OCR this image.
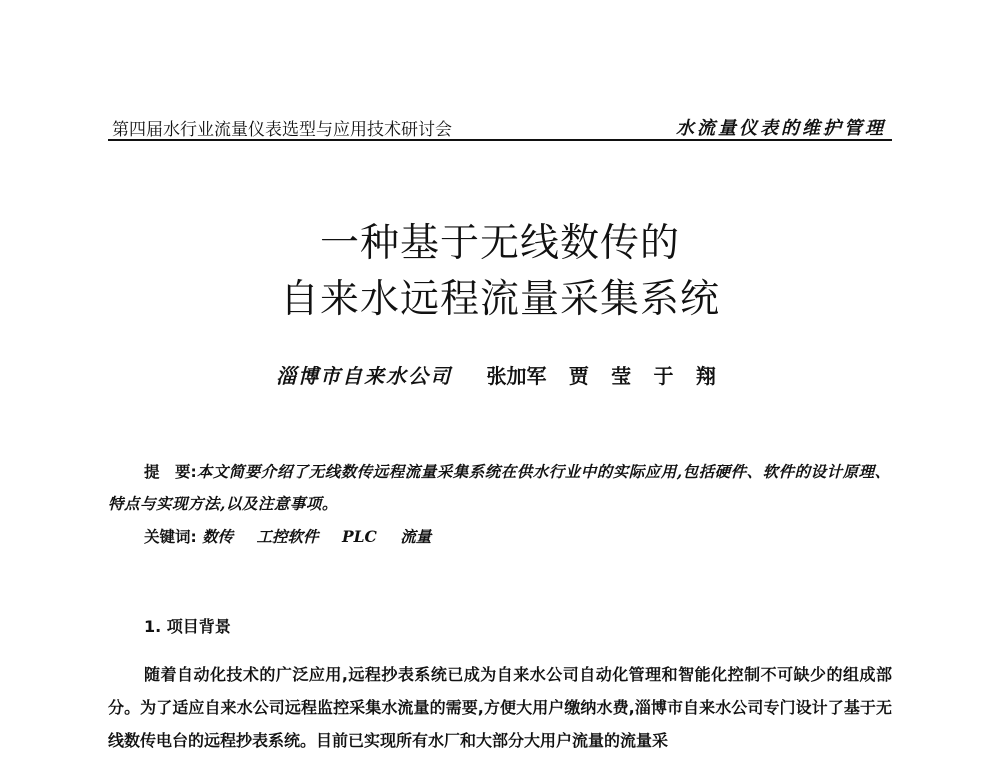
第四届水行业流量仪表选型与应用技术研讨会	水流量仪表的维护管理
一种基于无线数传的
自来水远程流量采集系统
淄博市自来水公司 张加军 贾 莹 于 翔
提　要:本文简要介绍了无线数传远程流量采集系统在供水行业中的实际应用,包括硬件、软件的设计原理、特点与实现方法,以及注意事项。
关键词: 数传 工控软件 PLC 流量
1. 项目背景
随着自动化技术的广泛应用,远程抄表系统已成为自来水公司自动化管理和智能化控制不可缺少的组成部分。为了适应自来水公司远程监控采集水流量的需要,方便大用户缴纳水费,淄博市自来水公司专门设计了基于无线数传电台的远程抄表系统。目前已实现所有水厂和大部分大用户流量的流量采
